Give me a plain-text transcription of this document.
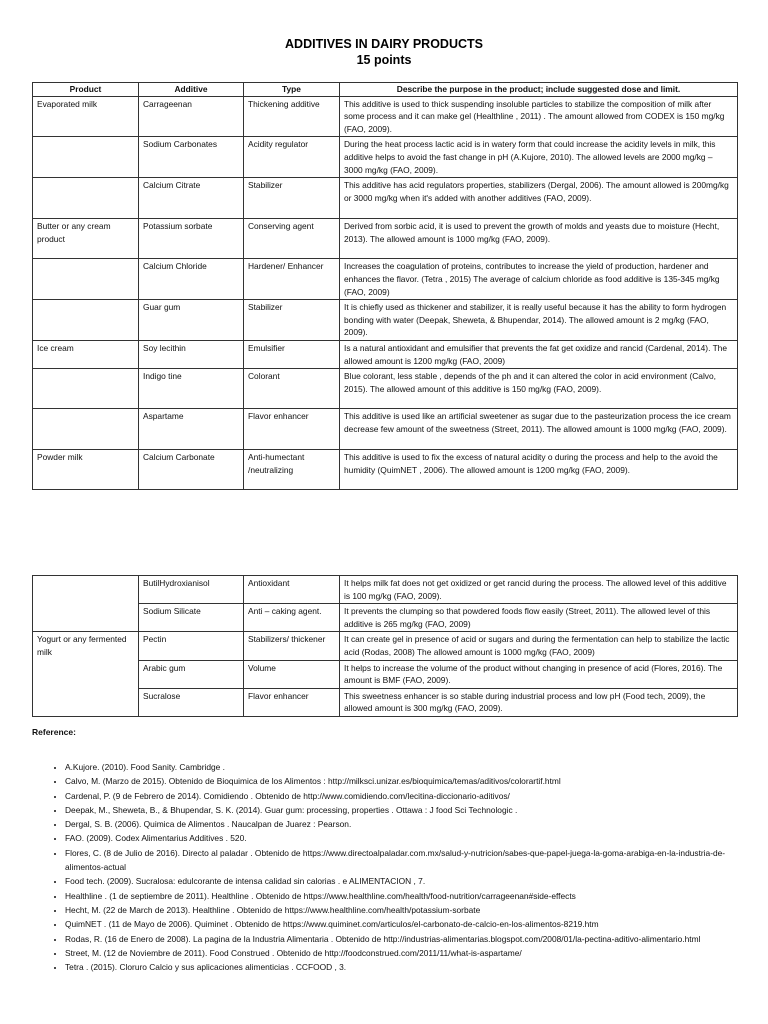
ADDITIVES IN DAIRY PRODUCTS
15 points
Product	Additive	Type	Describe the purpose in the product; include suggested dose and limit.
Evaporated milk	Carrageenan	Thickening additive	This additive is used to thick suspending insoluble particles to stabilize the composition of milk after some process and it can make gel (Healthline , 2011) . The amount allowed from CODEX is 150 mg/kg (FAO, 2009).
	Sodium Carbonates	Acidity regulator	During the heat process lactic acid is in watery form that could increase the acidity levels in milk, this additive helps to avoid the fast change in pH (A.Kujore, 2010). The allowed levels are 2000 mg/kg – 3000 mg/kg (FAO, 2009).
	Calcium Citrate	Stabilizer	This additive has acid regulators properties, stabilizers (Dergal, 2006). The amount allowed is 200mg/kg or 3000 mg/kg when it's added with another additives (FAO, 2009).
Butter or any cream product	Potassium sorbate	Conserving agent	Derived from sorbic acid, it is used to prevent the growth of molds and yeasts due to moisture (Hecht, 2013). The allowed amount is 1000 mg/kg (FAO, 2009).
	Calcium Chloride	Hardener/ Enhancer	Increases the coagulation of proteins, contributes to increase the yield of production, hardener and enhances the flavor. (Tetra , 2015) The average of calcium chloride as food additive is 135-345 mg/kg (FAO, 2009)
	Guar gum	Stabilizer	It is chiefly used as thickener and stabilizer, it is really useful because it has the ability to form hydrogen bonding with water (Deepak, Sheweta, & Bhupendar, 2014). The allowed amount is 2 mg/kg (FAO, 2009).
Ice cream	Soy lecithin	Emulsifier	Is a natural antioxidant and emulsifier that prevents the fat get oxidize and rancid (Cardenal, 2014). The allowed amount is 1200 mg/kg (FAO, 2009)
	Indigo tine	Colorant	Blue colorant, less stable , depends of the ph and it can altered the color in acid environment (Calvo, 2015). The allowed amount of this additive is 150 mg/kg (FAO, 2009).
	Aspartame	Flavor enhancer	This additive is used like an artificial sweetener as sugar due to the pasteurization process the ice cream decrease few amount of the sweetness (Street, 2011). The allowed amount is 1000 mg/kg (FAO, 2009).
Powder milk	Calcium Carbonate	Anti-humectant /neutralizing	This additive is used to fix the excess of natural acidity o during the process and help to the avoid the humidity (QuimNET , 2006). The allowed amount is 1200 mg/kg (FAO, 2009).
	ButilHydroxianisol	Antioxidant	It helps milk fat does not get oxidized or get rancid during the process. The allowed level of this additive is 100 mg/kg (FAO, 2009).
	Sodium Silicate	Anti – caking agent.	It prevents the clumping so that powdered foods flow easily (Street, 2011). The allowed level of this additive is 265 mg/kg (FAO, 2009)
Yogurt or any fermented milk	Pectin	Stabilizers/ thickener	It can create gel in presence of acid or sugars and during the fermentation can help to stabilize the lactic acid (Rodas, 2008) The allowed amount is 1000 mg/kg (FAO, 2009)
	Arabic gum	Volume	It helps to increase the volume of the product without changing in presence of acid (Flores, 2016). The amount is BMF (FAO, 2009).
	Sucralose	Flavor enhancer	This sweetness enhancer is so stable during industrial process and low pH (Food tech, 2009), the allowed amount is 300 mg/kg (FAO, 2009).
Reference:
• A.Kujore. (2010). Food Sanity. Cambridge .
• Calvo, M. (Marzo de 2015). Obtenido de Bioquimica de los Alimentos : http://milksci.unizar.es/bioquimica/temas/aditivos/colorartif.html
• Cardenal, P. (9 de Febrero de 2014). Comidiendo . Obtenido de http://www.comidiendo.com/lecitina-diccionario-aditivos/
• Deepak, M., Sheweta, B., & Bhupendar, S. K. (2014). Guar gum: processing, properties . Ottawa : J food Sci Technologic .
• Dergal, S. B. (2006). Quimica de Alimentos . Naucalpan de Juarez : Pearson.
• FAO. (2009). Codex Alimentarius Additives . 520.
• Flores, C. (8 de Julio de 2016). Directo al paladar . Obtenido de https://www.directoalpaladar.com.mx/salud-y-nutricion/sabes-que-papel-juega-la-goma-arabiga-en-la-industria-de-alimentos-actual
• Food tech. (2009). Sucralosa: edulcorante de intensa calidad sin calorias . e ALIMENTACION , 7.
• Healthline . (1 de septiembre de 2011). Healthline . Obtenido de https://www.healthline.com/health/food-nutrition/carrageenan#side-effects
• Hecht, M. (22 de March de 2013). Healthline . Obtenido de https://www.healthline.com/health/potassium-sorbate
• QuimNET . (11 de Mayo de 2006). Quiminet . Obtenido de https://www.quiminet.com/articulos/el-carbonato-de-calcio-en-los-alimentos-8219.htm
• Rodas, R. (16 de Enero de 2008). La pagina de la Industria Alimentaria . Obtenido de http://industrias-alimentarias.blogspot.com/2008/01/la-pectina-aditivo-alimentario.html
• Street, M. (12 de Noviembre de 2011). Food Construed . Obtenido de http://foodconstrued.com/2011/11/what-is-aspartame/
• Tetra . (2015). Cloruro Calcio y sus aplicaciones alimenticias . CCFOOD , 3.
